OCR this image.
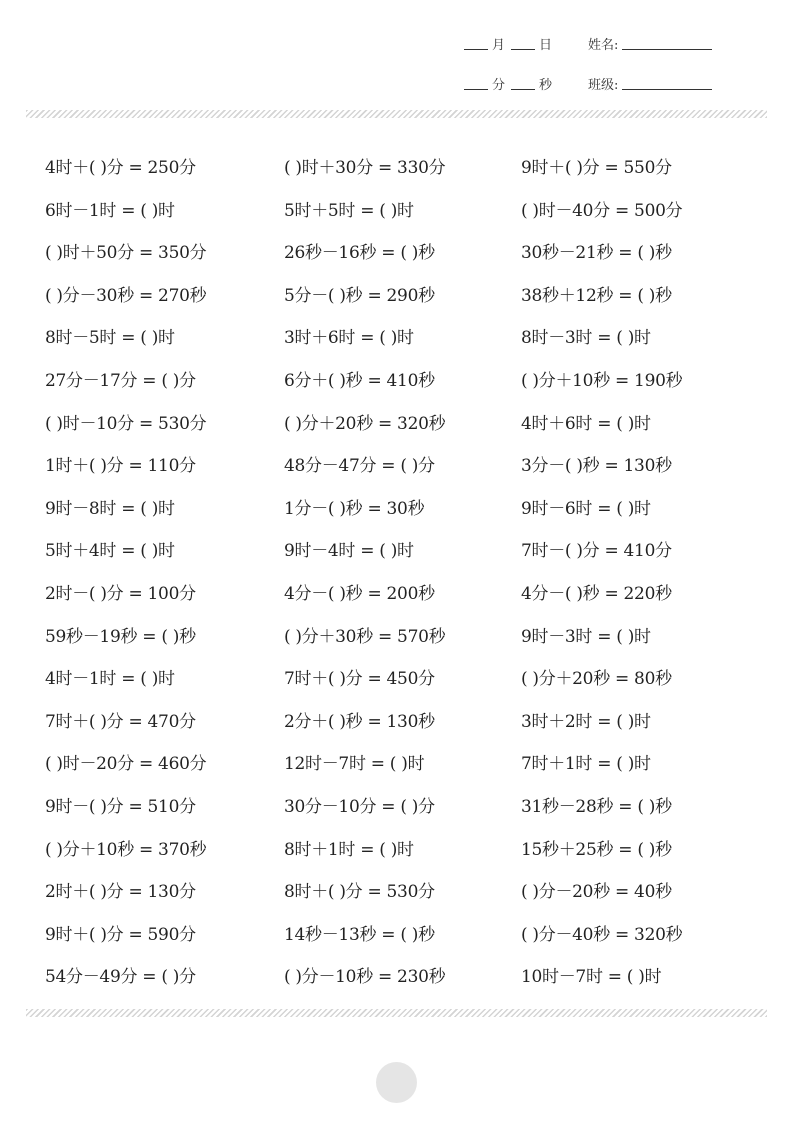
月	日	姓名:
分	秒	班级:
4时＋( )分 = 250分	( )时＋30分 = 330分	9时＋( )分 = 550分
6时－1时 = ( )时	5时＋5时 = ( )时	( )时－40分 = 500分
( )时＋50分 = 350分	26秒－16秒 = ( )秒	30秒－21秒 = ( )秒
( )分－30秒 = 270秒	5分－( )秒 = 290秒	38秒＋12秒 = ( )秒
8时－5时 = ( )时	3时＋6时 = ( )时	8时－3时 = ( )时
27分－17分 = ( )分	6分＋( )秒 = 410秒	( )分＋10秒 = 190秒
( )时－10分 = 530分	( )分＋20秒 = 320秒	4时＋6时 = ( )时
1时＋( )分 = 110分	48分－47分 = ( )分	3分－( )秒 = 130秒
9时－8时 = ( )时	1分－( )秒 = 30秒	9时－6时 = ( )时
5时＋4时 = ( )时	9时－4时 = ( )时	7时－( )分 = 410分
2时－( )分 = 100分	4分－( )秒 = 200秒	4分－( )秒 = 220秒
59秒－19秒 = ( )秒	( )分＋30秒 = 570秒	9时－3时 = ( )时
4时－1时 = ( )时	7时＋( )分 = 450分	( )分＋20秒 = 80秒
7时＋( )分 = 470分	2分＋( )秒 = 130秒	3时＋2时 = ( )时
( )时－20分 = 460分	12时－7时 = ( )时	7时＋1时 = ( )时
9时－( )分 = 510分	30分－10分 = ( )分	31秒－28秒 = ( )秒
( )分＋10秒 = 370秒	8时＋1时 = ( )时	15秒＋25秒 = ( )秒
2时＋( )分 = 130分	8时＋( )分 = 530分	( )分－20秒 = 40秒
9时＋( )分 = 590分	14秒－13秒 = ( )秒	( )分－40秒 = 320秒
54分－49分 = ( )分	( )分－10秒 = 230秒	10时－7时 = ( )时
